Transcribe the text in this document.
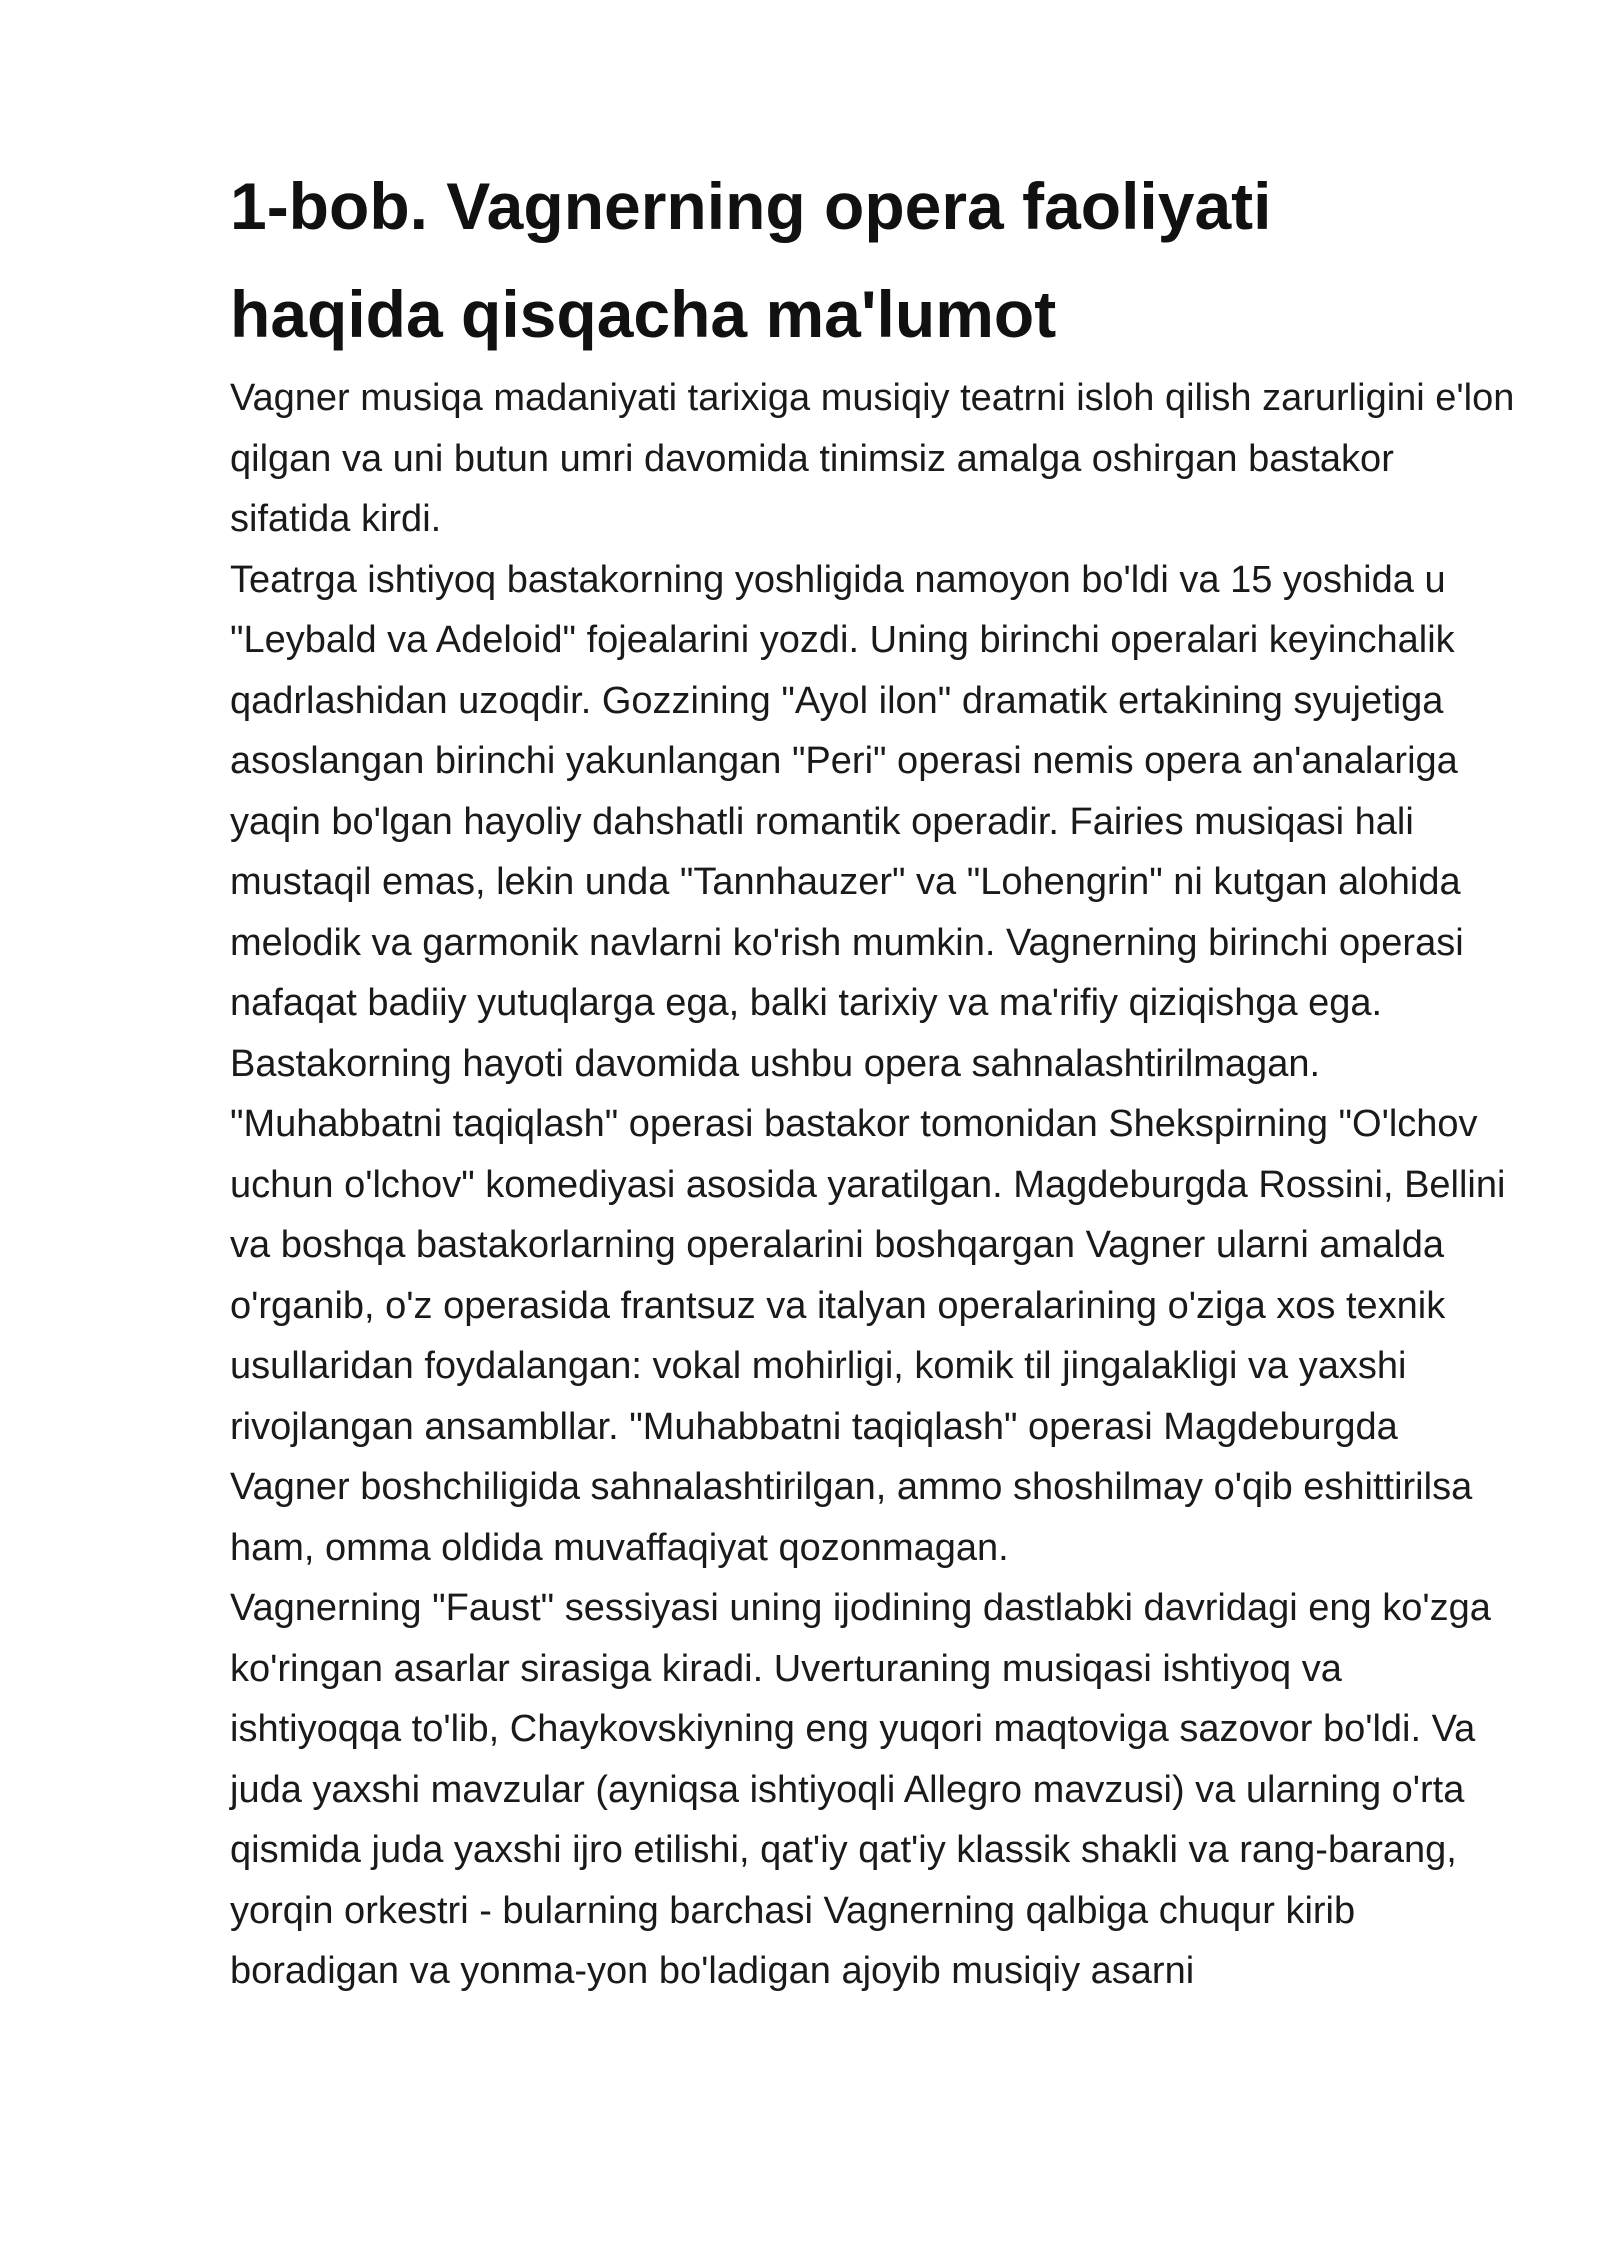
1-bob. Vagnerning opera faoliyati haqida qisqacha ma'lumot

Vagner musiqa madaniyati tarixiga musiqiy teatrni isloh qilish zarurligini e'lon qilgan va uni butun umri davomida tinimsiz amalga oshirgan bastakor sifatida kirdi.

Teatrga ishtiyoq bastakorning yoshligida namoyon bo'ldi va 15 yoshida u "Leybald va Adeloid" fojealarini yozdi. Uning birinchi operalari keyinchalik qadrlashidan uzoqdir. Gozzining "Ayol ilon" dramatik ertakining syujetiga asoslangan birinchi yakunlangan "Peri" operasi nemis opera an'analariga yaqin bo'lgan hayoliy dahshatli romantik operadir. Fairies musiqasi hali mustaqil emas, lekin unda "Tannhauzer" va "Lohengrin" ni kutgan alohida melodik va garmonik navlarni ko'rish mumkin. Vagnerning birinchi operasi nafaqat badiiy yutuqlarga ega, balki tarixiy va ma'rifiy qiziqishga ega. Bastakorning hayoti davomida ushbu opera sahnalashtirilmagan.

"Muhabbatni taqiqlash" operasi bastakor tomonidan Shekspirning "O'lchov uchun o'lchov" komediyasi asosida yaratilgan. Magdeburgda Rossini, Bellini va boshqa bastakorlarning operalarini boshqargan Vagner ularni amalda o'rganib, o'z operasida frantsuz va italyan operalarining o'ziga xos texnik usullaridan foydalangan: vokal mohirligi, komik til jingalakligi va yaxshi rivojlangan ansambllar. "Muhabbatni taqiqlash" operasi Magdeburgda Vagner boshchiligida sahnalashtirilgan, ammo shoshilmay o'qib eshittirilsa ham, omma oldida muvaffaqiyat qozonmagan.

Vagnerning "Faust" sessiyasi uning ijodining dastlabki davridagi eng ko'zga ko'ringan asarlar sirasiga kiradi. Uverturaning musiqasi ishtiyoq va ishtiyoqqa to'lib, Chaykovskiyning eng yuqori maqtoviga sazovor bo'ldi. Va juda yaxshi mavzular (ayniqsa ishtiyoqli Allegro mavzusi) va ularning o'rta qismida juda yaxshi ijro etilishi, qat'iy qat'iy klassik shakli va rang-barang, yorqin orkestri - bularning barchasi Vagnerning qalbiga chuqur kirib boradigan va yonma-yon bo'ladigan ajoyib musiqiy asarni
